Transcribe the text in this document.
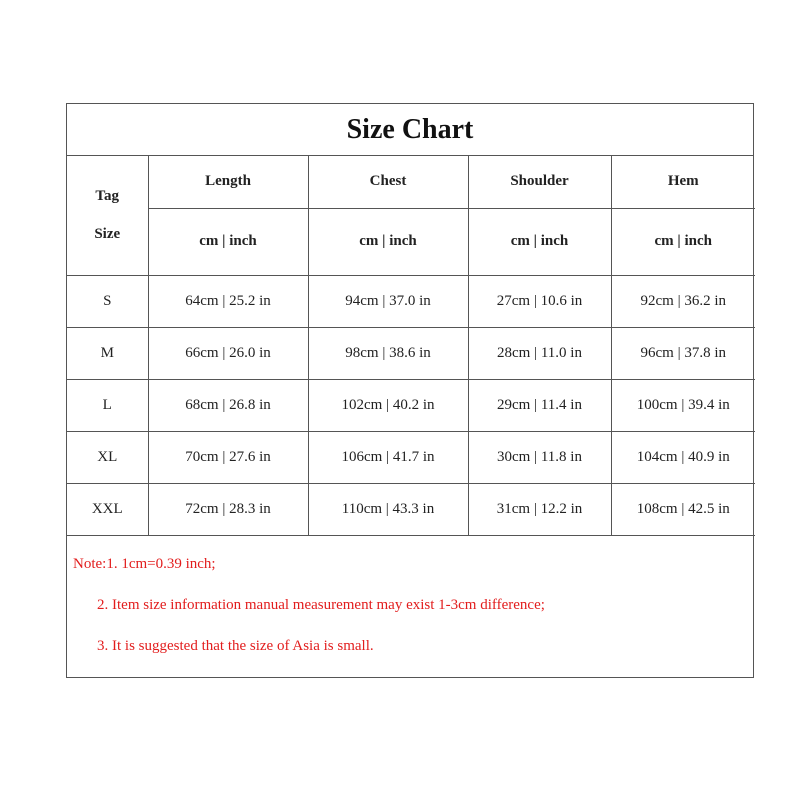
Size Chart
Tag
Size	Length	Chest	Shoulder	Hem
	cm | inch	cm | inch	cm | inch	cm | inch
S	64cm | 25.2 in	94cm | 37.0 in	27cm | 10.6 in	92cm | 36.2 in
M	66cm | 26.0 in	98cm | 38.6 in	28cm | 11.0 in	96cm | 37.8 in
L	68cm | 26.8 in	102cm | 40.2 in	29cm | 11.4 in	100cm | 39.4 in
XL	70cm | 27.6 in	106cm | 41.7 in	30cm | 11.8 in	104cm | 40.9 in
XXL	72cm | 28.3 in	110cm | 43.3 in	31cm | 12.2 in	108cm | 42.5 in
Note:1. 1cm=0.39 inch;
2. Item size information manual measurement may exist 1-3cm difference;
3. It is suggested that the size of Asia is small.
